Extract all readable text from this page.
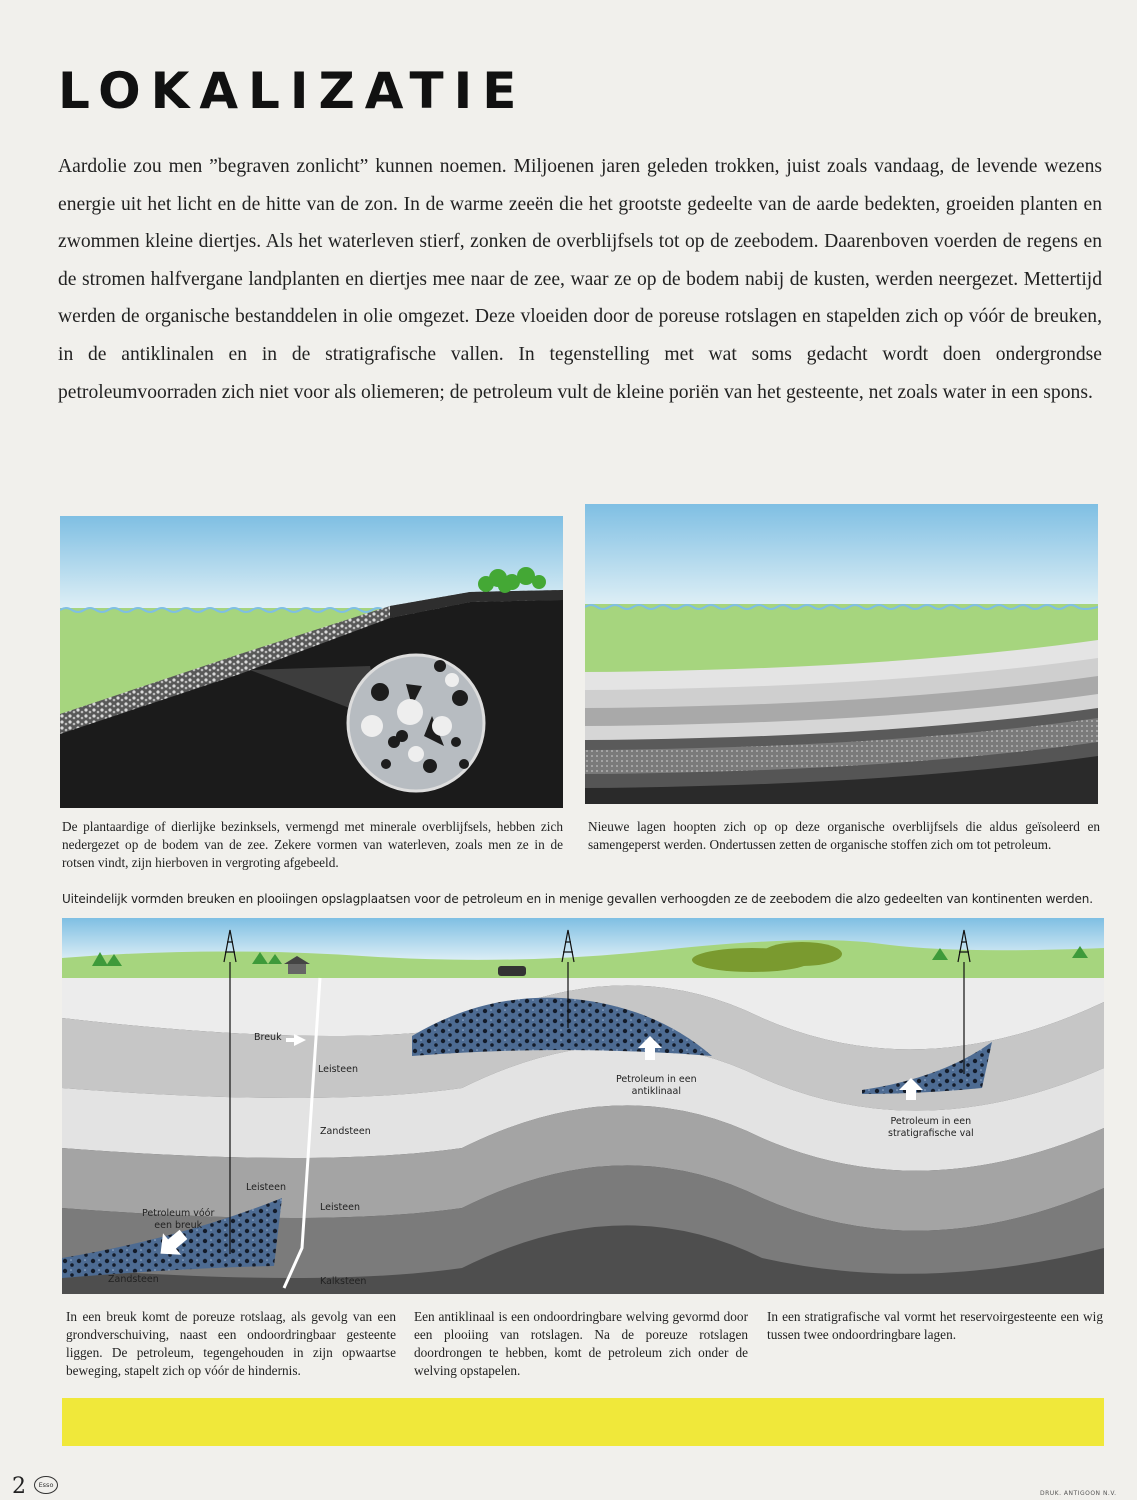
LOKALIZATIE

Aardolie zou men ”begraven zonlicht” kunnen noemen. Miljoenen jaren geleden trokken, juist zoals vandaag, de levende wezens energie uit het licht en de hitte van de zon. In de warme zeeën die het grootste gedeelte van de aarde bedekten, groeiden planten en zwommen kleine diertjes. Als het waterleven stierf, zonken de overblijfsels tot op de zeebodem. Daarenboven voerden de regens en de stromen halfvergane landplanten en diertjes mee naar de zee, waar ze op de bodem nabij de kusten, werden neergezet. Mettertijd werden de organische bestanddelen in olie omgezet. Deze vloeiden door de poreuse rotslagen en stapelden zich op vóór de breuken, in de antiklinalen en in de stratigrafische vallen. In tegenstelling met wat soms gedacht wordt doen ondergrondse petroleumvoorraden zich niet voor als oliemeren; de petroleum vult de kleine poriën van het gesteente, net zoals water in een spons.

De plantaardige of dierlijke bezinksels, vermengd met minerale overblijfsels, hebben zich nedergezet op de bodem van de zee. Zekere vormen van waterleven, zoals men ze in de rotsen vindt, zijn hierboven in vergroting afgebeeld.

Nieuwe lagen hoopten zich op op deze organische overblijfsels die aldus geïsoleerd en samengeperst werden. Ondertussen zetten de organische stoffen zich om tot petroleum.

Uiteindelijk vormden breuken en plooiingen opslagplaatsen voor de petroleum en in menige gevallen verhoogden ze de zeebodem die alzo gedeelten van kontinenten werden.

Breuk
Leisteen
Zandsteen
Leisteen
Leisteen
Petroleum vóór
een breuk
Zandsteen	Kalksteen
Petroleum in een
antiklinaal
Petroleum in een
stratigrafische val

In een breuk komt de poreuze rotslaag, als gevolg van een grondverschuiving, naast een ondoordringbaar gesteente liggen. De petroleum, tegengehouden in zijn opwaartse beweging, stapelt zich op vóór de hindernis.

Een antiklinaal is een ondoordringbare welving gevormd door een plooiing van rotslagen. Na de poreuze rotslagen doordrongen te hebben, komt de petroleum zich onder de welving opstapelen.

In een stratigrafische val vormt het reservoirgesteente een wig tussen twee ondoordringbare lagen.

2	Esso
DRUK. ANTIGOON N.V.
